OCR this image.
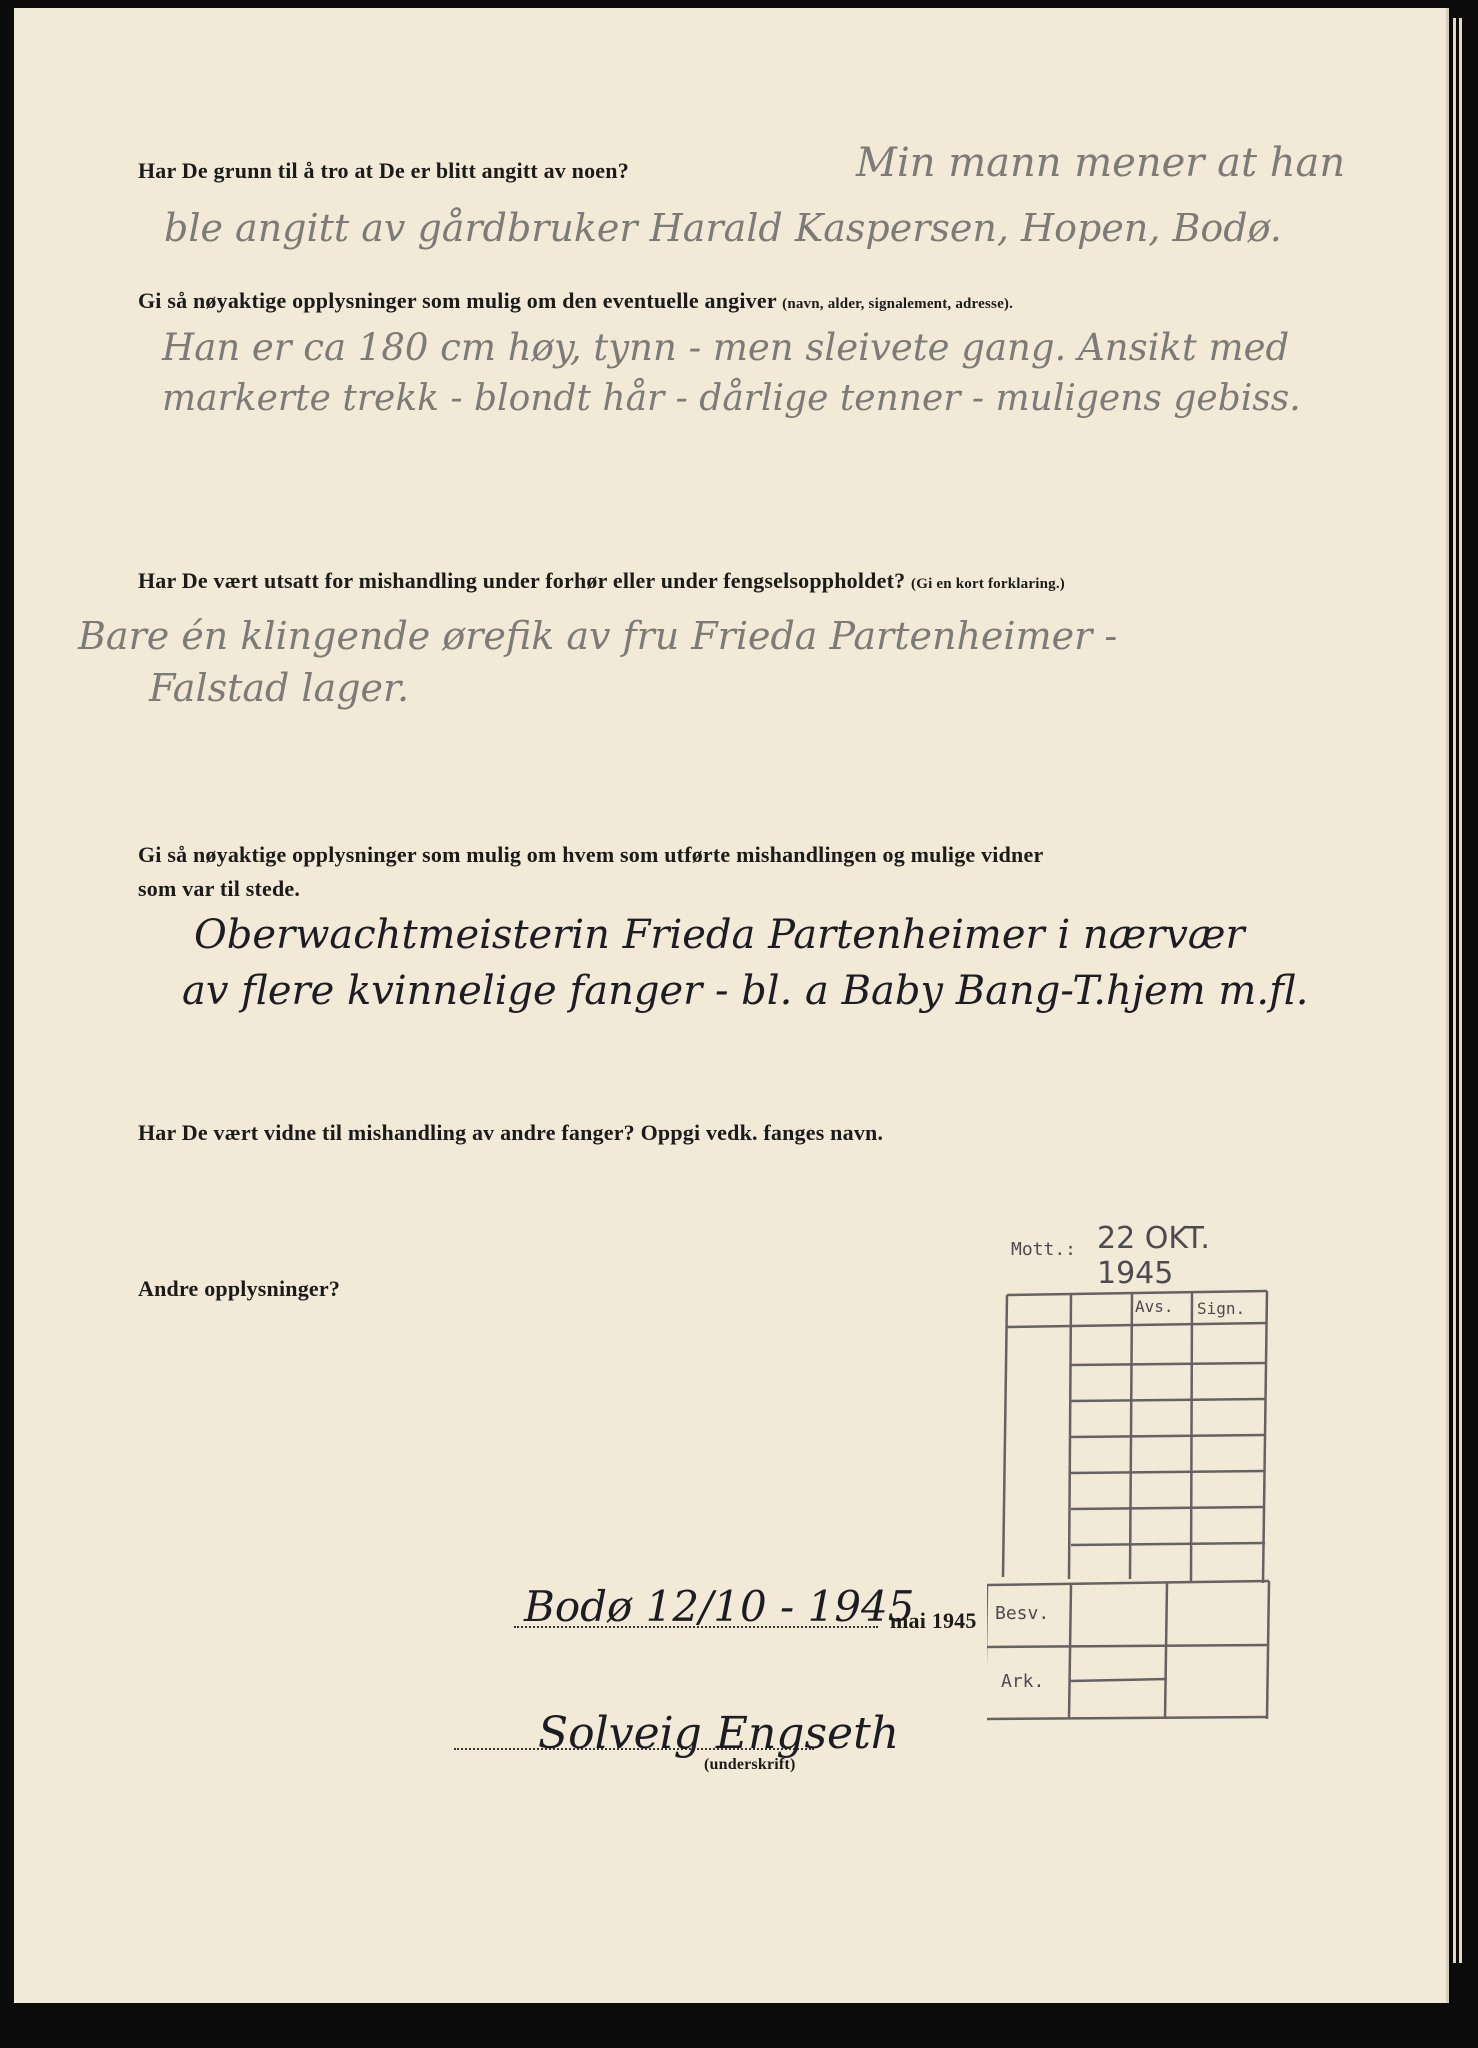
Har De grunn til å tro at De er blitt angitt av noen?	Min mann mener at han
ble angitt av gårdbruker Harald Kaspersen, Hopen, Bodø.
Gi så nøyaktige opplysninger som mulig om den eventuelle angiver (navn, alder, signalement, adresse).
Han er ca 180 cm høy, tynn - men sleivete gang. Ansikt med
markerte trekk - blondt hår - dårlige tenner - muligens gebiss.
Har De vært utsatt for mishandling under forhør eller under fengselsoppholdet? (Gi en kort forklaring.)
Bare én klingende ørefik av fru Frieda Partenheimer -
Falstad lager.
Gi så nøyaktige opplysninger som mulig om hvem som utførte mishandlingen og mulige vidner
som var til stede.
Oberwachtmeisterin Frieda Partenheimer i nærvær
av flere kvinnelige fanger - bl. a Baby Bang-T.hjem m.fl.
Har De vært vidne til mishandling av andre fanger? Oppgi vedk. fanges navn.
Andre opplysninger?
Bodø 12/10 - 1945
mai 1945
Solveig Engseth
(underskrift)
Mott.: 22 OKT. 1945
Avs. Sign.
Besv.
Ark.
